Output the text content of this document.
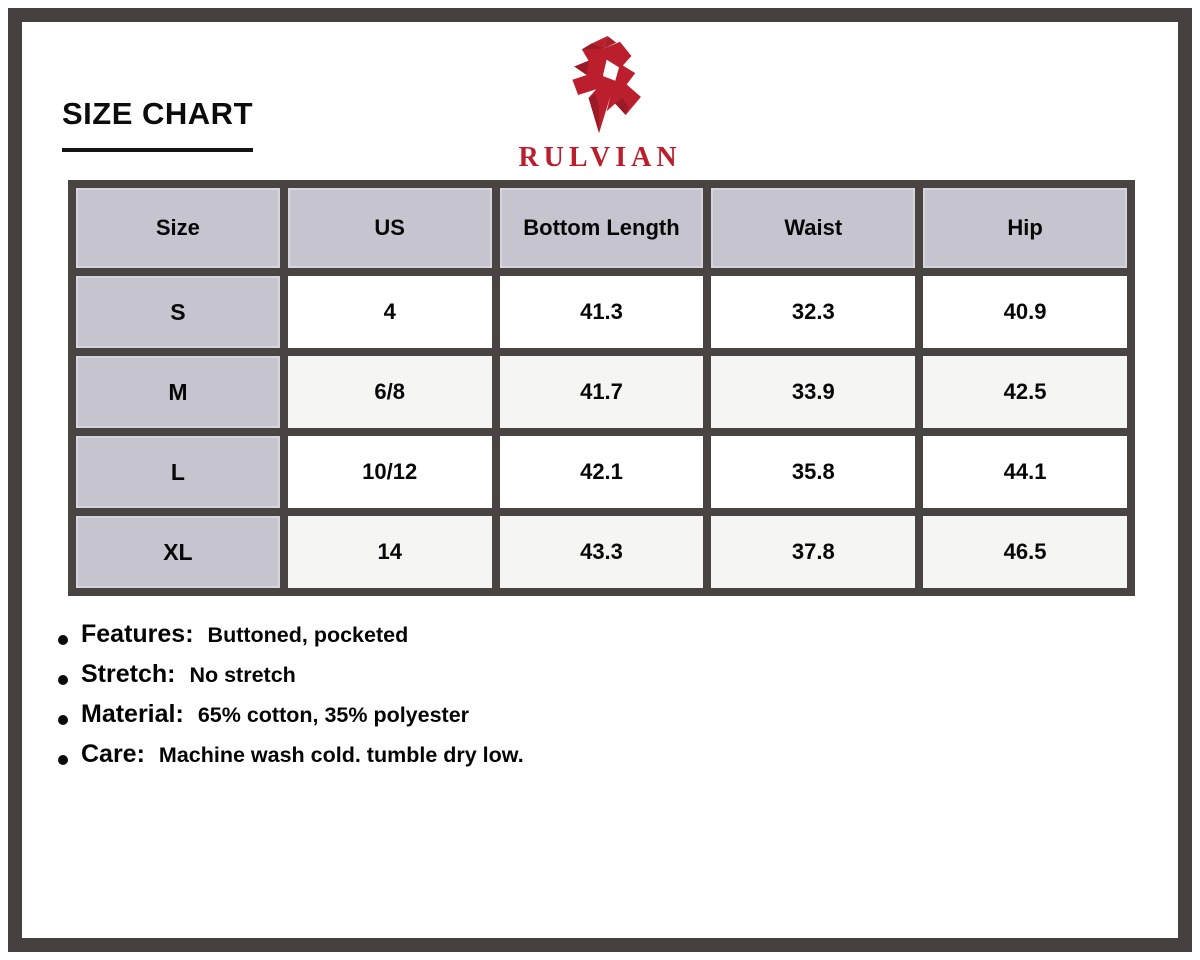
SIZE CHART
RULVIAN
Size	US	Bottom Length	Waist	Hip
S	4	41.3	32.3	40.9
M	6/8	41.7	33.9	42.5
L	10/12	42.1	35.8	44.1
XL	14	43.3	37.8	46.5
Features: Buttoned, pocketed
Stretch: No stretch
Material: 65% cotton, 35% polyester
Care: Machine wash cold. tumble dry low.
